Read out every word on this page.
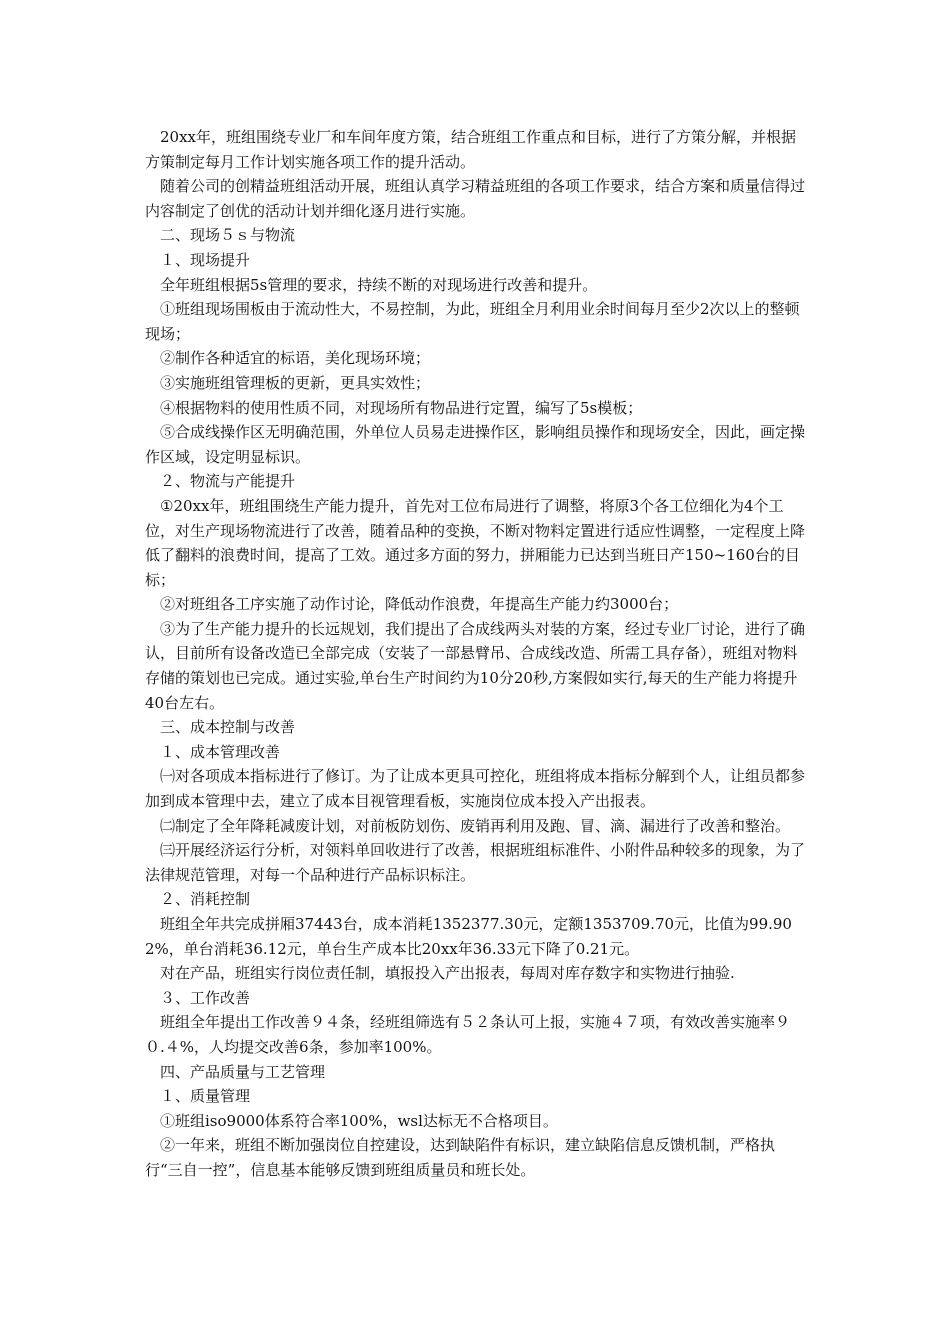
20xx年，班组围绕专业厂和车间年度方策，结合班组工作重点和目标，进行了方策分解，并根据方策制定每月工作计划实施各项工作的提升活动。

随着公司的创精益班组活动开展，班组认真学习精益班组的各项工作要求，结合方案和质量信得过内容制定了创优的活动计划并细化逐月进行实施。

二、现场５ｓ与物流

１、现场提升

全年班组根据5s管理的要求，持续不断的对现场进行改善和提升。

①班组现场围板由于流动性大，不易控制，为此，班组全月利用业余时间每月至少2次以上的整顿现场；

②制作各种适宜的标语，美化现场环境；

③实施班组管理板的更新，更具实效性；

④根据物料的使用性质不同，对现场所有物品进行定置，编写了5s模板；

⑤合成线操作区无明确范围，外单位人员易走进操作区，影响组员操作和现场安全，因此，画定操作区域，设定明显标识。

２、物流与产能提升

①20xx年，班组围绕生产能力提升，首先对工位布局进行了调整，将原3个各工位细化为4个工位，对生产现场物流进行了改善，随着品种的变换，不断对物料定置进行适应性调整，一定程度上降低了翻料的浪费时间，提高了工效。通过多方面的努力，拼厢能力已达到当班日产150~160台的目标；

②对班组各工序实施了动作讨论，降低动作浪费，年提高生产能力约3000台；

③为了生产能力提升的长远规划，我们提出了合成线两头对装的方案，经过专业厂讨论，进行了确认，目前所有设备改造已全部完成（安装了一部悬臂吊、合成线改造、所需工具存备），班组对物料存储的策划也已完成。通过实验,单台生产时间约为10分20秒,方案假如实行,每天的生产能力将提升40台左右。

三、成本控制与改善

１、成本管理改善

㈠对各项成本指标进行了修订。为了让成本更具可控化，班组将成本指标分解到个人，让组员都参加到成本管理中去，建立了成本目视管理看板，实施岗位成本投入产出报表。

㈡制定了全年降耗减废计划，对前板防划伤、废销再利用及跑、冒、滴、漏进行了改善和整治。

㈢开展经济运行分析，对领料单回收进行了改善，根据班组标准件、小附件品种较多的现象，为了法律规范管理，对每一个品种进行产品标识标注。

２、消耗控制

班组全年共完成拼厢37443台，成本消耗1352377.30元，定额1353709.70元，比值为99.902%，单台消耗36.12元，单台生产成本比20xx年36.33元下降了0.21元。

对在产品，班组实行岗位责任制，填报投入产出报表，每周对库存数字和实物进行抽验.

３、工作改善

班组全年提出工作改善９４条，经班组筛选有５２条认可上报，实施４７项，有效改善实施率９０.４%，人均提交改善6条，参加率100%。

四、产品质量与工艺管理

１、质量管理

①班组iso9000体系符合率100%，wsl达标无不合格项目。

②一年来，班组不断加强岗位自控建设，达到缺陷件有标识，建立缺陷信息反馈机制，严格执行“三自一控”，信息基本能够反馈到班组质量员和班长处。
